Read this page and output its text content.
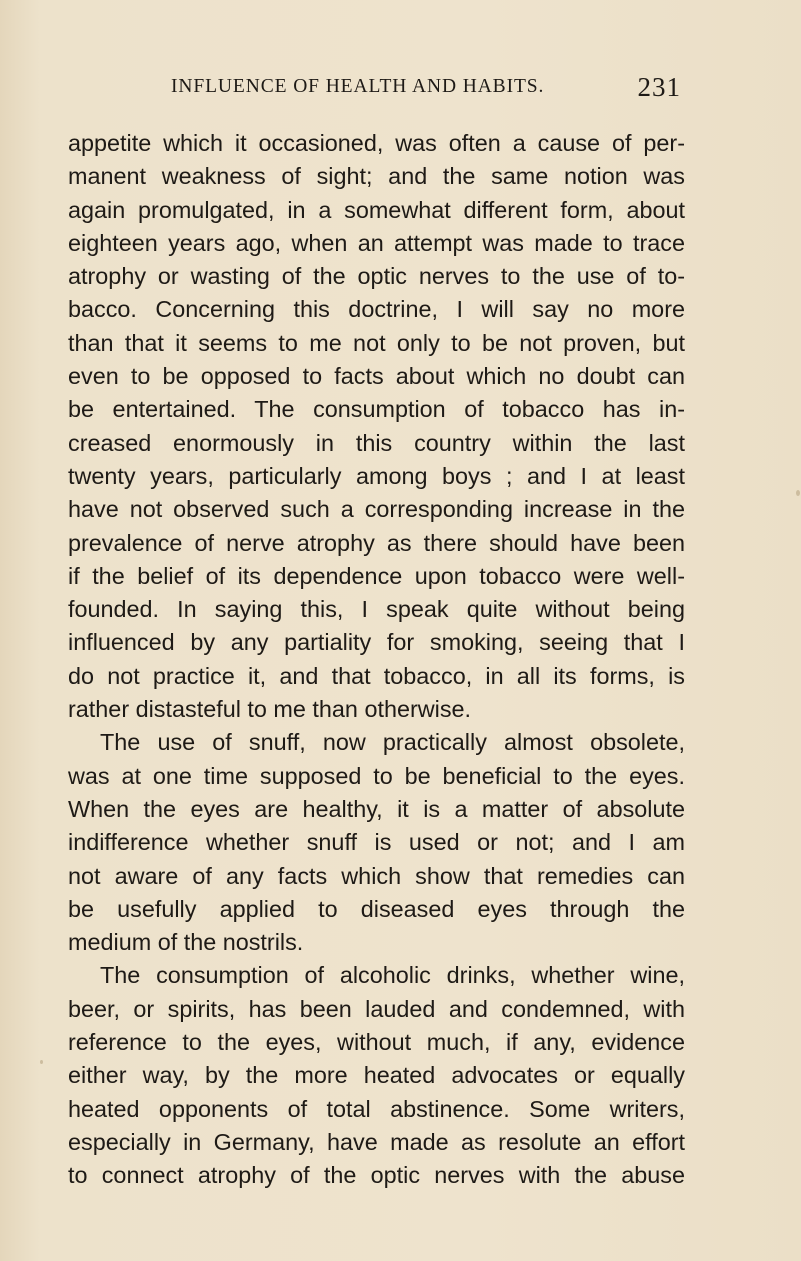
INFLUENCE OF HEALTH AND HABITS.	231
appetite which it occasioned, was often a cause of per-
manent weakness of sight; and the same notion was
again promulgated, in a somewhat different form, about
eighteen years ago, when an attempt was made to trace
atrophy or wasting of the optic nerves to the use of to-
bacco. Concerning this doctrine, I will say no more
than that it seems to me not only to be not proven, but
even to be opposed to facts about which no doubt can
be entertained. The consumption of tobacco has in-
creased enormously in this country within the last
twenty years, particularly among boys ; and I at least
have not observed such a corresponding increase in the
prevalence of nerve atrophy as there should have been
if the belief of its dependence upon tobacco were well-
founded. In saying this, I speak quite without being
influenced by any partiality for smoking, seeing that I
do not practice it, and that tobacco, in all its forms, is
rather distasteful to me than otherwise.
The use of snuff, now practically almost obsolete,
was at one time supposed to be beneficial to the eyes.
When the eyes are healthy, it is a matter of absolute
indifference whether snuff is used or not; and I am
not aware of any facts which show that remedies can
be usefully applied to diseased eyes through the
medium of the nostrils.
The consumption of alcoholic drinks, whether wine,
beer, or spirits, has been lauded and condemned, with
reference to the eyes, without much, if any, evidence
either way, by the more heated advocates or equally
heated opponents of total abstinence. Some writers,
especially in Germany, have made as resolute an effort
to connect atrophy of the optic nerves with the abuse
